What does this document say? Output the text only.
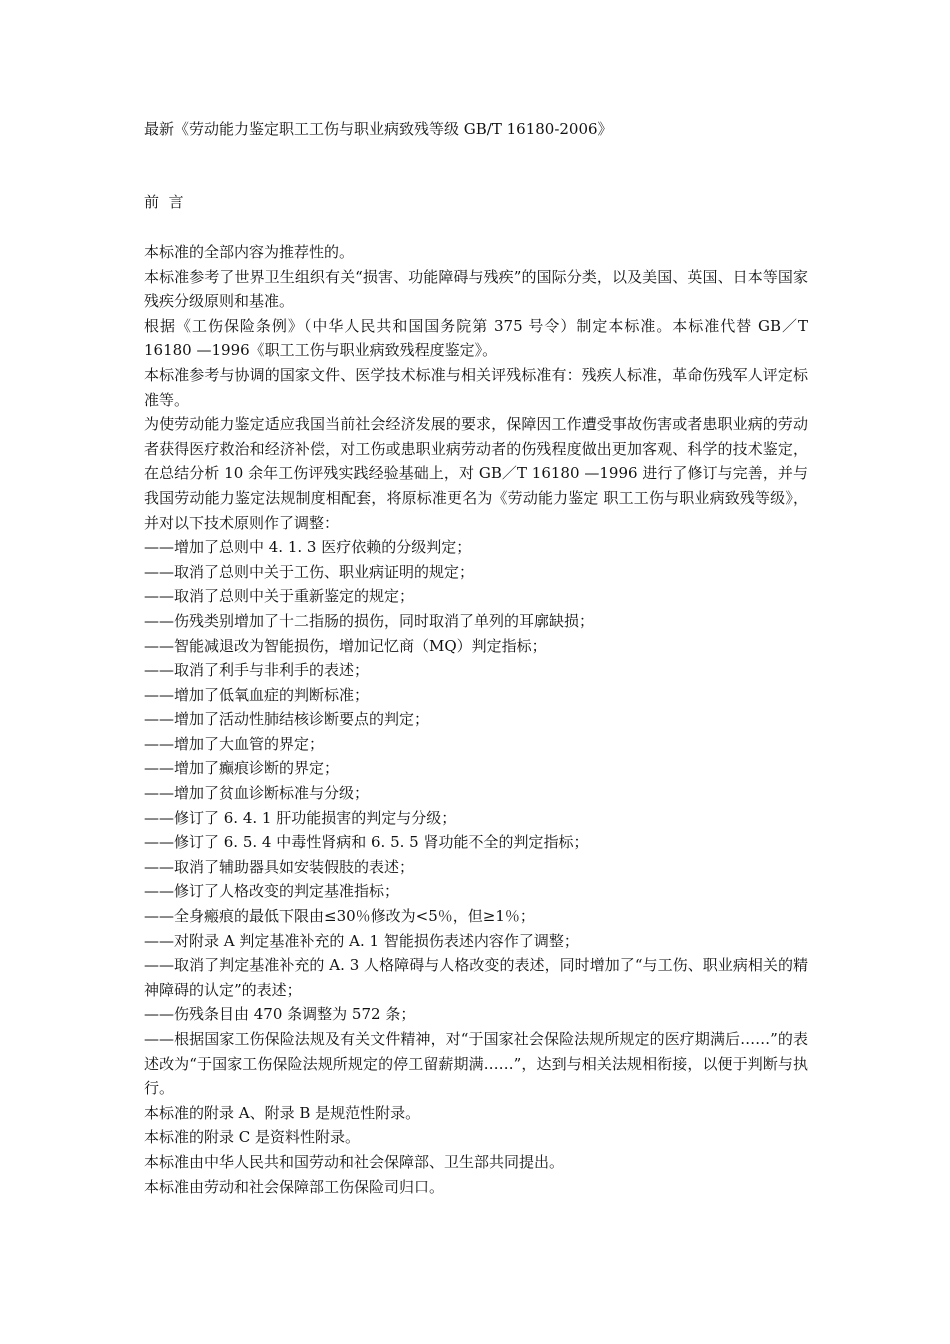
最新《劳动能力鉴定职工工伤与职业病致残等级 GB/T 16180-2006》
前  言

本标准的全部内容为推荐性的。

本标准参考了世界卫生组织有关“损害、功能障碍与残疾”的国际分类，以及美国、英国、日本等国家残疾分级原则和基准。

根据《工伤保险条例》（中华人民共和国国务院第 375 号令）制定本标准。本标准代替 GB／T 16180 —1996《职工工伤与职业病致残程度鉴定》。

本标准参考与协调的国家文件、医学技术标准与相关评残标准有：残疾人标准，革命伤残军人评定标准等。

为使劳动能力鉴定适应我国当前社会经济发展的要求，保障因工作遭受事故伤害或者患职业病的劳动者获得医疗救治和经济补偿，对工伤或患职业病劳动者的伤残程度做出更加客观、科学的技术鉴定，在总结分析 10 余年工伤评残实践经验基础上，对 GB／T 16180 —1996 进行了修订与完善，并与我国劳动能力鉴定法规制度相配套，将原标准更名为《劳动能力鉴定 职工工伤与职业病致残等级》，并对以下技术原则作了调整：

——增加了总则中 4. 1. 3 医疗依赖的分级判定；

——取消了总则中关于工伤、职业病证明的规定；

——取消了总则中关于重新鉴定的规定；

——伤残类别增加了十二指肠的损伤，同时取消了单列的耳廓缺损；

——智能减退改为智能损伤，增加记忆商（MQ）判定指标；

——取消了利手与非利手的表述；

——增加了低氧血症的判断标准；

——增加了活动性肺结核诊断要点的判定；

——增加了大血管的界定；

——增加了癫痕诊断的界定；

——增加了贫血诊断标准与分级；

——修订了 6. 4. 1 肝功能损害的判定与分级；

——修订了 6. 5. 4 中毒性肾病和 6. 5. 5 肾功能不全的判定指标；

——取消了辅助器具如安装假肢的表述；

——修订了人格改变的判定基准指标；

——全身瘢痕的最低下限由≤30％修改为<5％，但≥1％；

——对附录 A 判定基准补充的 A. 1 智能损伤表述内容作了调整；

——取消了判定基准补充的 A. 3 人格障碍与人格改变的表述，同时增加了“与工伤、职业病相关的精神障碍的认定”的表述；

——伤残条目由 470 条调整为 572 条；

——根据国家工伤保险法规及有关文件精神，对“于国家社会保险法规所规定的医疗期满后……”的表述改为“于国家工伤保险法规所规定的停工留薪期满……”，达到与相关法规相衔接，以便于判断与执行。

本标准的附录 A、附录 B 是规范性附录。

本标准的附录 C 是资料性附录。

本标准由中华人民共和国劳动和社会保障部、卫生部共同提出。

本标准由劳动和社会保障部工伤保险司归口。
